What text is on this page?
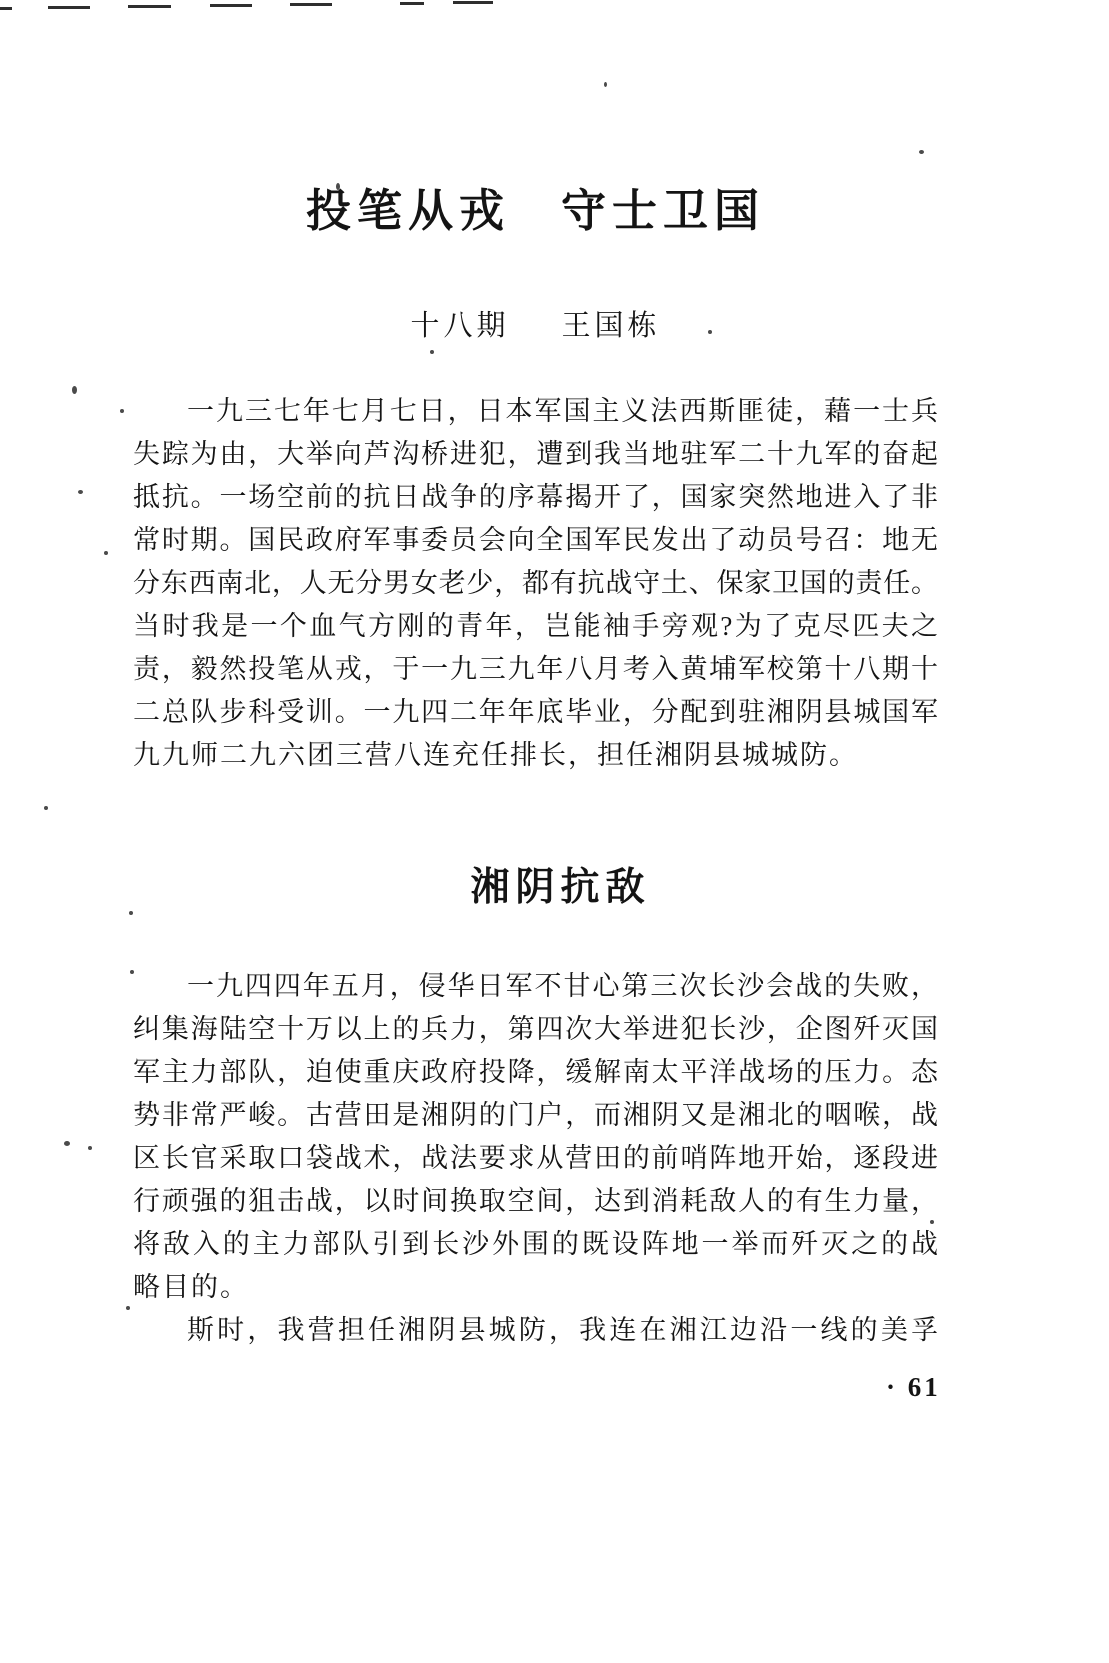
投笔从戎　守士卫国
十八期 王国栋
一九三七年七月七日，日本军国主义法西斯匪徒，藉一士兵
失踪为由，大举向芦沟桥进犯，遭到我当地驻军二十九军的奋起
抵抗。一场空前的抗日战争的序幕揭开了，国家突然地进入了非
常时期。国民政府军事委员会向全国军民发出了动员号召：地无
分东西南北，人无分男女老少，都有抗战守土、保家卫国的责任。
当时我是一个血气方刚的青年，岂能袖手旁观?为了克尽匹夫之
责，毅然投笔从戎，于一九三九年八月考入黄埔军校第十八期十
二总队步科受训。一九四二年年底毕业，分配到驻湘阴县城国军
九九师二九六团三营八连充任排长，担任湘阴县城城防。
湘阴抗敌
一九四四年五月，侵华日军不甘心第三次长沙会战的失败，
纠集海陆空十万以上的兵力，第四次大举进犯长沙，企图歼灭国
军主力部队，迫使重庆政府投降，缓解南太平洋战场的压力。态
势非常严峻。古营田是湘阴的门户，而湘阴又是湘北的咽喉，战
区长官采取口袋战术，战法要求从营田的前哨阵地开始，逐段进
行顽强的狙击战，以时间换取空间，达到消耗敌人的有生力量，
将敌入的主力部队引到长沙外围的既设阵地一举而歼灭之的战
略目的。
斯时，我营担任湘阴县城防，我连在湘江边沿一线的美孚
· 61
